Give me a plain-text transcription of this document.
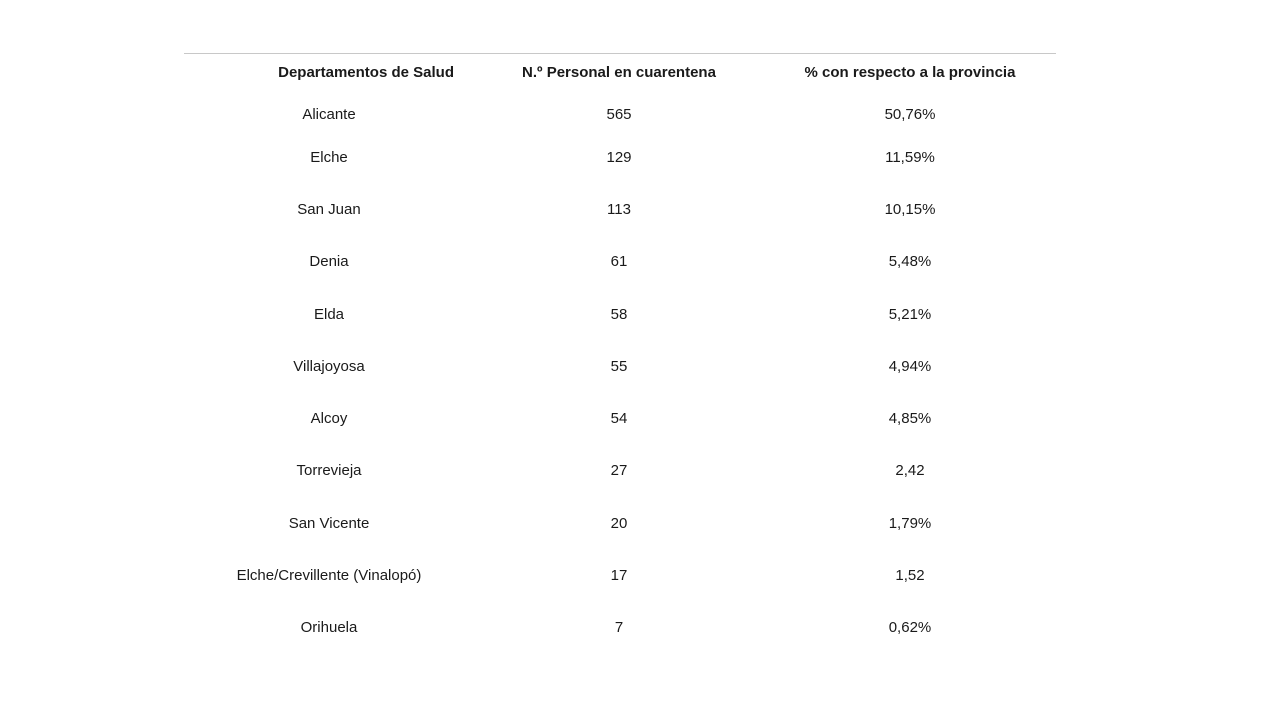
Departamentos de Salud	N.º Personal en cuarentena	% con respecto a la provincia
Alicante	565	50,76%
Elche	129	11,59%
San Juan	113	10,15%
Denia	61	5,48%
Elda	58	5,21%
Villajoyosa	55	4,94%
Alcoy	54	4,85%
Torrevieja	27	2,42
San Vicente	20	1,79%
Elche/Crevillente (Vinalopó)	17	1,52
Orihuela	7	0,62%
